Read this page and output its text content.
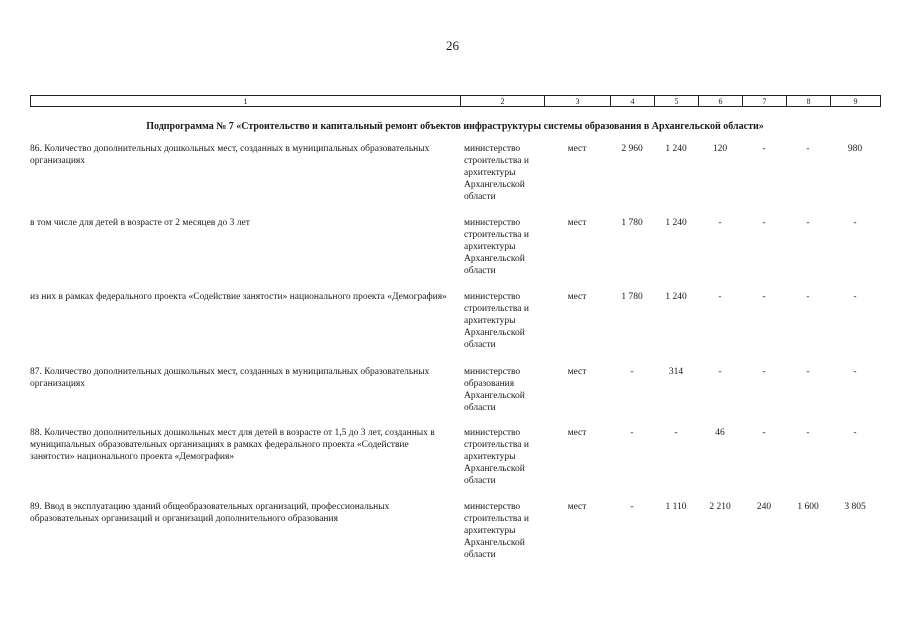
26
1	2	3	4	5	6	7	8	9
Подпрограмма № 7 «Строительство и капитальный ремонт объектов инфраструктуры системы образования в Архангельской области»
86. Количество дополнительных дошкольных мест, созданных в муниципальных образовательных организациях	министерство строительства и архитектуры Архангельской области	мест	2 960	1 240	120	-	-	980
в том числе для детей в возрасте от 2 месяцев до 3 лет	министерство строительства и архитектуры Архангельской области	мест	1 780	1 240	-	-	-	-
из них в рамках федерального проекта «Содействие занятости» национального проекта «Демография»	министерство строительства и архитектуры Архангельской области	мест	1 780	1 240	-	-	-	-
87. Количество дополнительных дошкольных мест, созданных в муниципальных образовательных организациях	министерство образования Архангельской области	мест	-	314	-	-	-	-
88. Количество дополнительных дошкольных мест для детей в возрасте от 1,5 до 3 лет, созданных в муниципальных образовательных организациях в рамках федерального проекта «Содействие занятости» национального проекта «Демография»	министерство строительства и архитектуры Архангельской области	мест	-	-	46	-	-	-
89. Ввод в эксплуатацию зданий общеобразовательных организаций, профессиональных образовательных организаций и организаций дополнительного образования	министерство строительства и архитектуры Архангельской области	мест	-	1 110	2 210	240	1 600	3 805
